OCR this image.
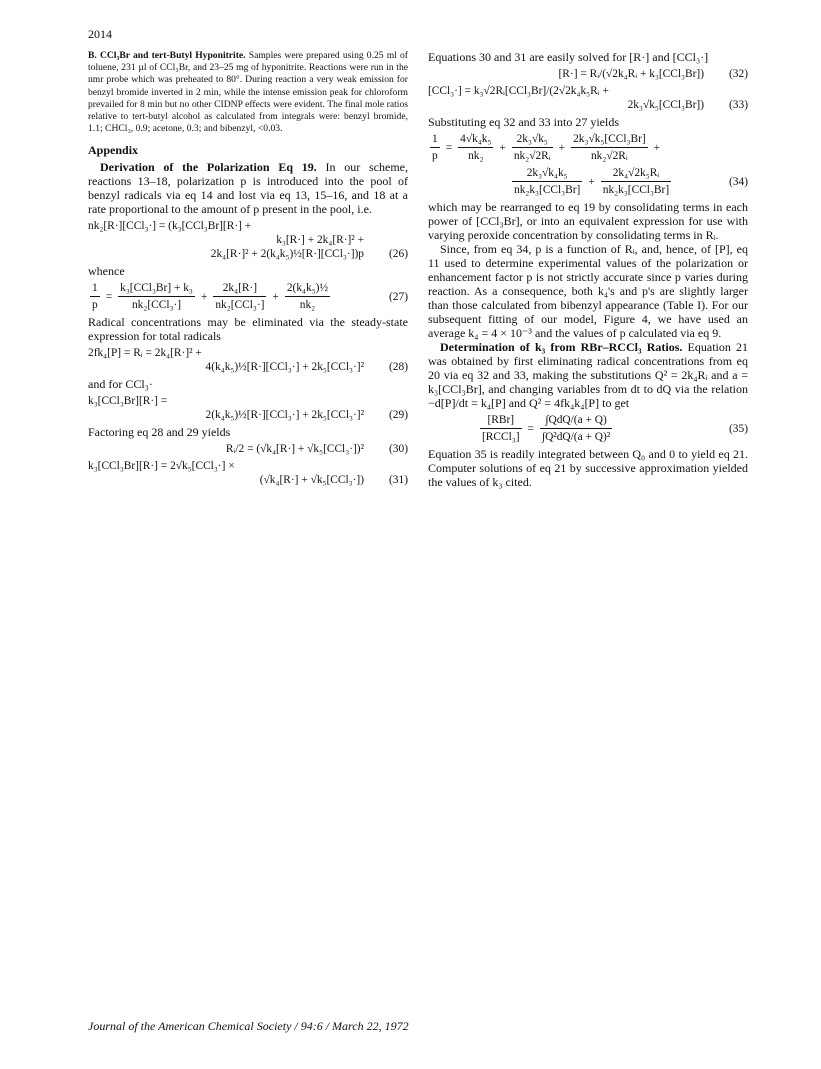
2014

B. CCl₃Br and tert-Butyl Hyponitrite. Samples were prepared using 0.25 ml of toluene, 231 µl of CCl₃Br, and 23–25 mg of hyponitrite. Reactions were run in the nmr probe which was preheated to 80°. During reaction a very weak emission for benzyl bromide inverted in 2 min, while the intense emission peak for chloroform prevailed for 8 min but no other CIDNP effects were evident. The final mole ratios relative to tert-butyl alcohol as calculated from integrals were: benzyl bromide, 1.1; CHCl₃, 0.9; acetone, 0.3; and bibenzyl, <0.03.

Appendix

Derivation of the Polarization Eq 19. In our scheme, reactions 13–18, polarization p is introduced into the pool of benzyl radicals via eq 14 and lost via eq 13, 15–16, and 18 at a rate proportional to the amount of p present in the pool, i.e.

nk₂[R·][CCl₃·] = (k₃[CCl₃Br][R·] +
k₃[R·] + 2k₄[R·]² +
2k₄[R·]² + 2(k₄k₅)½[R·][CCl₃·])p	(26)

whence

$\frac{1}{p} = \frac{\text{k₃[CCl₃Br] + k₃}}{\text{nk₂[CCl₃·]}} + \frac{\text{2k₄[R·]}}{\text{nk₂[CCl₃·]}} + \frac{\text{2(k₄k₅)½}}{\text{nk₂}}$	(27)

Radical concentrations may be eliminated via the steady-state expression for total radicals

2fk₄[P] = Rᵢ = 2k₄[R·]² +
4(k₄k₅)½[R·][CCl₃·] + 2k₅[CCl₃·]²	(28)

and for CCl₃·

k₃[CCl₃Br][R·] =
2(k₄k₅)½[R·][CCl₃·] + 2k₅[CCl₃·]²	(29)

Factoring eq 28 and 29 yields

Rᵢ/2 = (√k₄[R·] + √k₅[CCl₃·])²	(30)
k₃[CCl₃Br][R·] = 2√k₅[CCl₃·] ×
(√k₄[R·] + √k₅[CCl₃·])	(31)

Equations 30 and 31 are easily solved for [R·] and [CCl₃·]

[R·] = Rᵢ/(√2k₄Rᵢ + k₃[CCl₃Br])	(32)
[CCl₃·] = k₃√2Rᵢ[CCl₃Br]/(2√2k₄k₅Rᵢ +
2k₃√k₅[CCl₃Br])	(33)

Substituting eq 32 and 33 into 27 yields

$\frac{1}{p} = \frac{\text{4√k₄k₅}}{\text{nk₂}} + \frac{\text{2k₃√k₅}}{\text{nk₂√2Rᵢ}} + \frac{\text{2k₃√k₅[CCl₃Br]}}{\text{nk₂√2Rᵢ}}$ +
$\frac{\text{2k₃√k₄k₅}}{\text{nk₂k₃[CCl₃Br]}} + \frac{\text{2k₄√2k₅Rᵢ}}{\text{nk₂k₃[CCl₃Br]}}$	(34)

which may be rearranged to eq 19 by consolidating terms in each power of [CCl₃Br], or into an equivalent expression for use with varying peroxide concentration by consolidating terms in Rᵢ.

Since, from eq 34, p is a function of Rᵢ, and, hence, of [P], eq 11 used to determine experimental values of the polarization or enhancement factor p is not strictly accurate since p varies during reaction. As a consequence, both k₄'s and p's are slightly larger than those calculated from bibenzyl appearance (Table I). For our subsequent fitting of our model, Figure 4, we have used an average k₄ = 4 × 10⁻³ and the values of p calculated via eq 9.

Determination of k₃ from RBr–RCCl₃ Ratios. Equation 21 was obtained by first eliminating radical concentrations from eq 20 via eq 32 and 33, making the substitutions Q² = 2k₄Rᵢ and a = k₃[CCl₃Br], and changing variables from dt to dQ via the relation −d[P]/dt = k₄[P] and Q² = 4fk₄k₄[P] to get

$\frac{\text{[RBr]}}{\text{[RCCl₃]}} = \frac{\text{∫QdQ/(a + Q)}}{\text{∫Q²dQ/(a + Q)²}}$	(35)

Equation 35 is readily integrated between Q₀ and 0 to yield eq 21. Computer solutions of eq 21 by successive approximation yielded the values of k₃ cited.

Journal of the American Chemical Society / 94:6 / March 22, 1972
